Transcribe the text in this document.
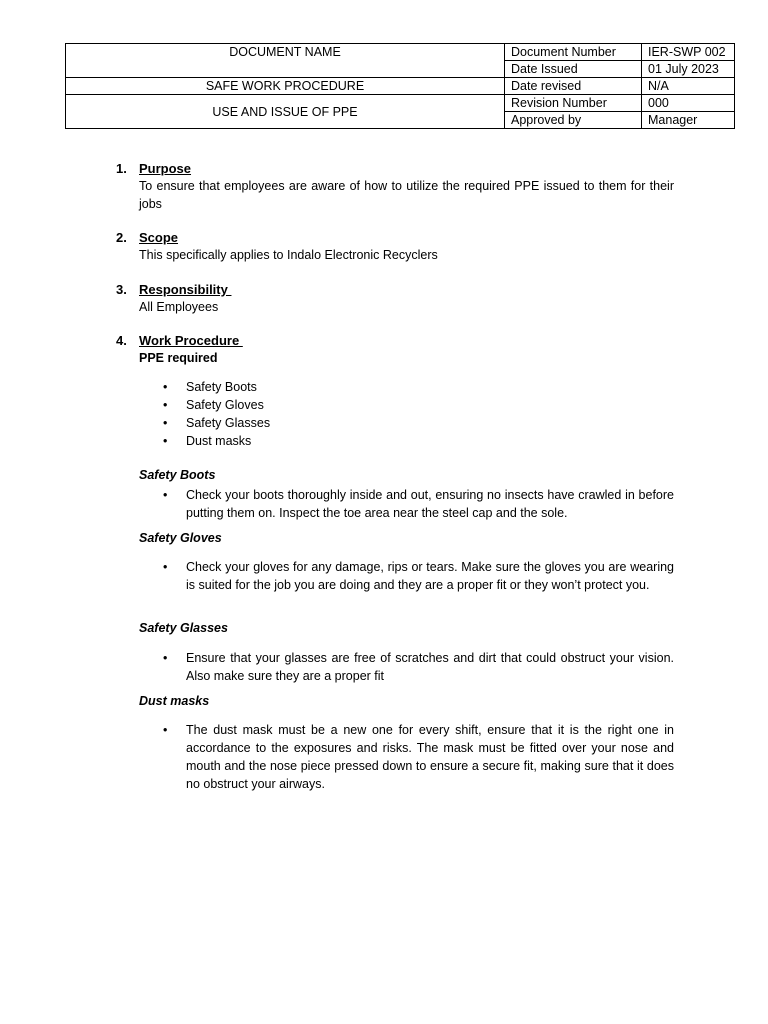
DOCUMENT NAME	Document Number	IER-SWP 002
	Date Issued	01 July 2023
SAFE WORK PROCEDURE	Date revised	N/A
USE AND ISSUE OF PPE	Revision Number	000
	Approved by	Manager
1. Purpose
To ensure that employees are aware of how to utilize the required PPE issued to them for their jobs
2. Scope
This specifically applies to Indalo Electronic Recyclers
3. Responsibility
All Employees
4. Work Procedure
PPE required
• Safety Boots
• Safety Gloves
• Safety Glasses
• Dust masks
Safety Boots
• Check your boots thoroughly inside and out, ensuring no insects have crawled in before putting them on. Inspect the toe area near the steel cap and the sole.
Safety Gloves
• Check your gloves for any damage, rips or tears. Make sure the gloves you are wearing is suited for the job you are doing and they are a proper fit or they won’t protect you.
Safety Glasses
• Ensure that your glasses are free of scratches and dirt that could obstruct your vision. Also make sure they are a proper fit
Dust masks
• The dust mask must be a new one for every shift, ensure that it is the right one in accordance to the exposures and risks. The mask must be fitted over your nose and mouth and the nose piece pressed down to ensure a secure fit, making sure that it does no obstruct your airways.
